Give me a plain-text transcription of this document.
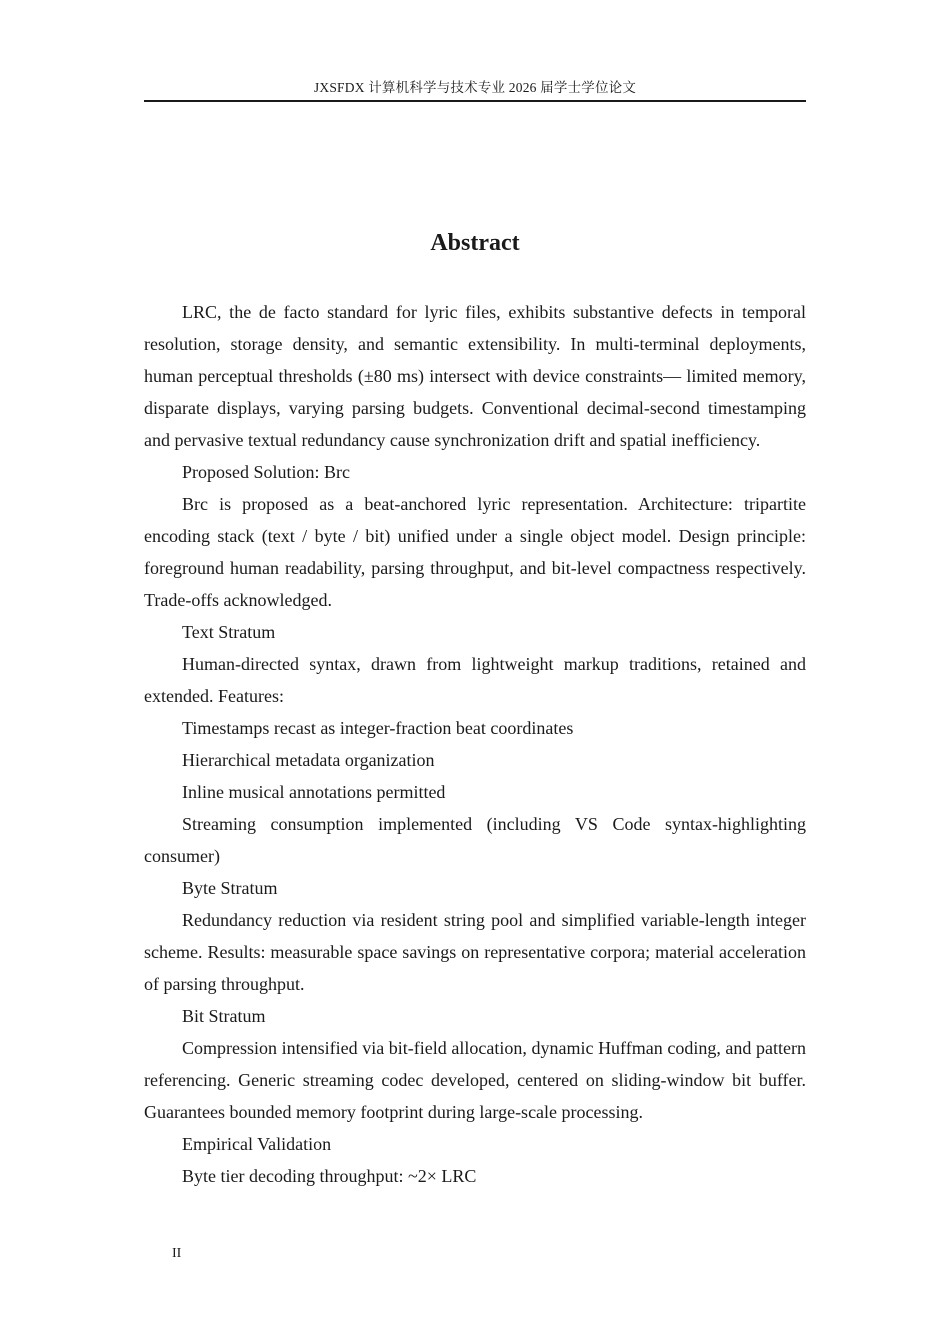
JXSFDX 计算机科学与技术专业 2026 届学士学位论文
Abstract

LRC, the de facto standard for lyric files, exhibits substantive defects in temporal resolution, storage density, and semantic extensibility. In multi-terminal deployments, human perceptual thresholds (±80 ms) intersect with device constraints— limited memory, disparate displays, varying parsing budgets. Conventional decimal-second timestamping and pervasive textual redundancy cause synchronization drift and spatial inefficiency.

Proposed Solution: Brc

Brc is proposed as a beat-anchored lyric representation. Architecture: tripartite encoding stack (text / byte / bit) unified under a single object model. Design principle: foreground human readability, parsing throughput, and bit-level compactness respectively. Trade-offs acknowledged.

Text Stratum

Human-directed syntax, drawn from lightweight markup traditions, retained and extended. Features:

Timestamps recast as integer-fraction beat coordinates

Hierarchical metadata organization

Inline musical annotations permitted

Streaming consumption implemented (including VS Code syntax-highlighting consumer)

Byte Stratum

Redundancy reduction via resident string pool and simplified variable-length integer scheme. Results: measurable space savings on representative corpora; material acceleration of parsing throughput.

Bit Stratum

Compression intensified via bit-field allocation, dynamic Huffman coding, and pattern referencing. Generic streaming codec developed, centered on sliding-window bit buffer. Guarantees bounded memory footprint during large-scale processing.

Empirical Validation

Byte tier decoding throughput: ~2× LRC

II
